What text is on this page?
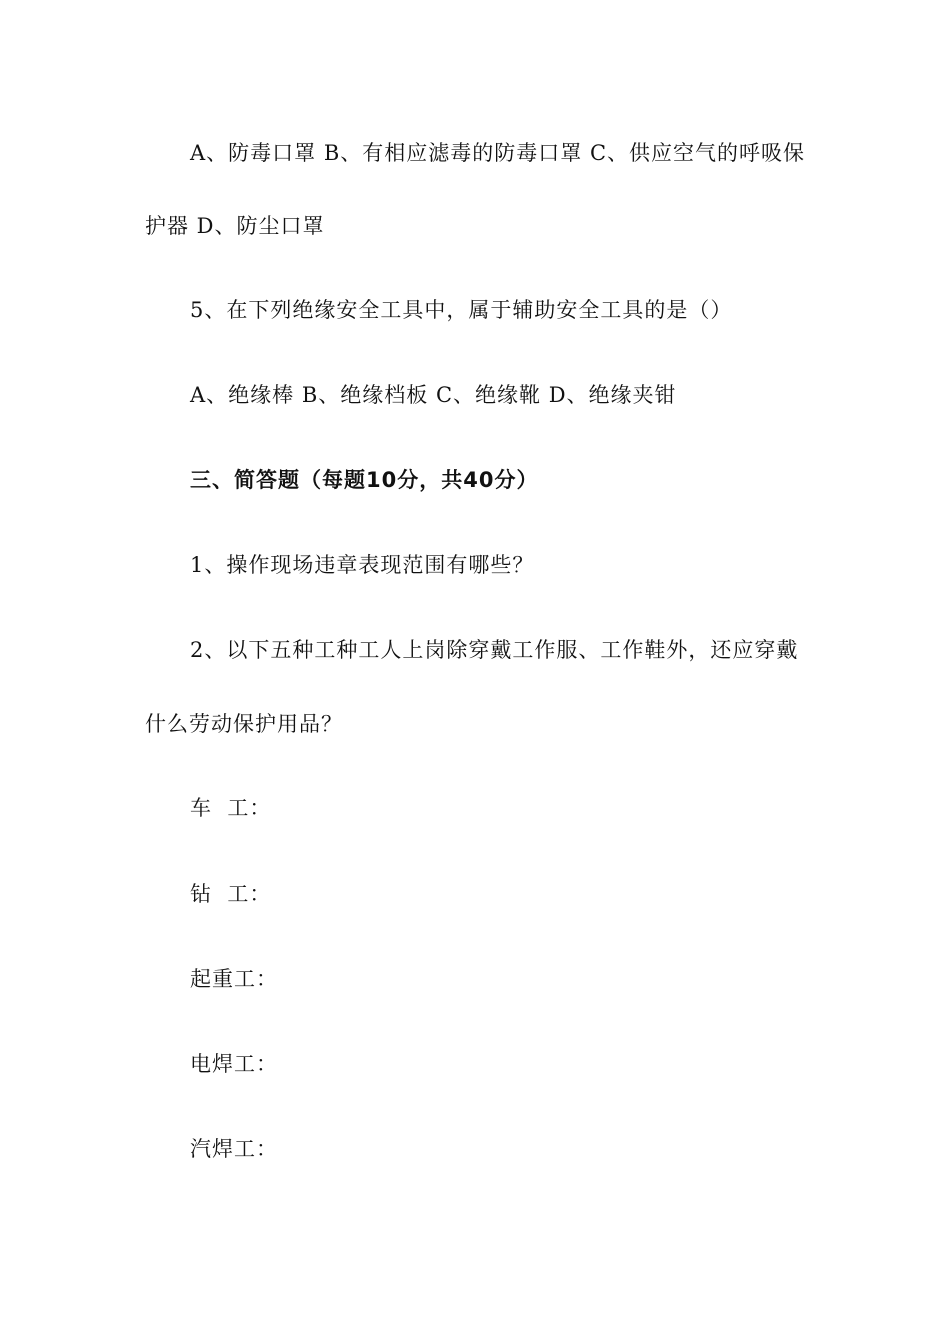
A、防毒口罩 B、有相应滤毒的防毒口罩 C、供应空气的呼吸保
护器 D、防尘口罩
5、在下列绝缘安全工具中，属于辅助安全工具的是（）
A、绝缘棒 B、绝缘档板 C、绝缘靴 D、绝缘夹钳
三、简答题（每题10分，共40分）
1、操作现场违章表现范围有哪些？
2、以下五种工种工人上岗除穿戴工作服、工作鞋外，还应穿戴
什么劳动保护用品？
车  工：
钻  工：
起重工：
电焊工：
汽焊工：
